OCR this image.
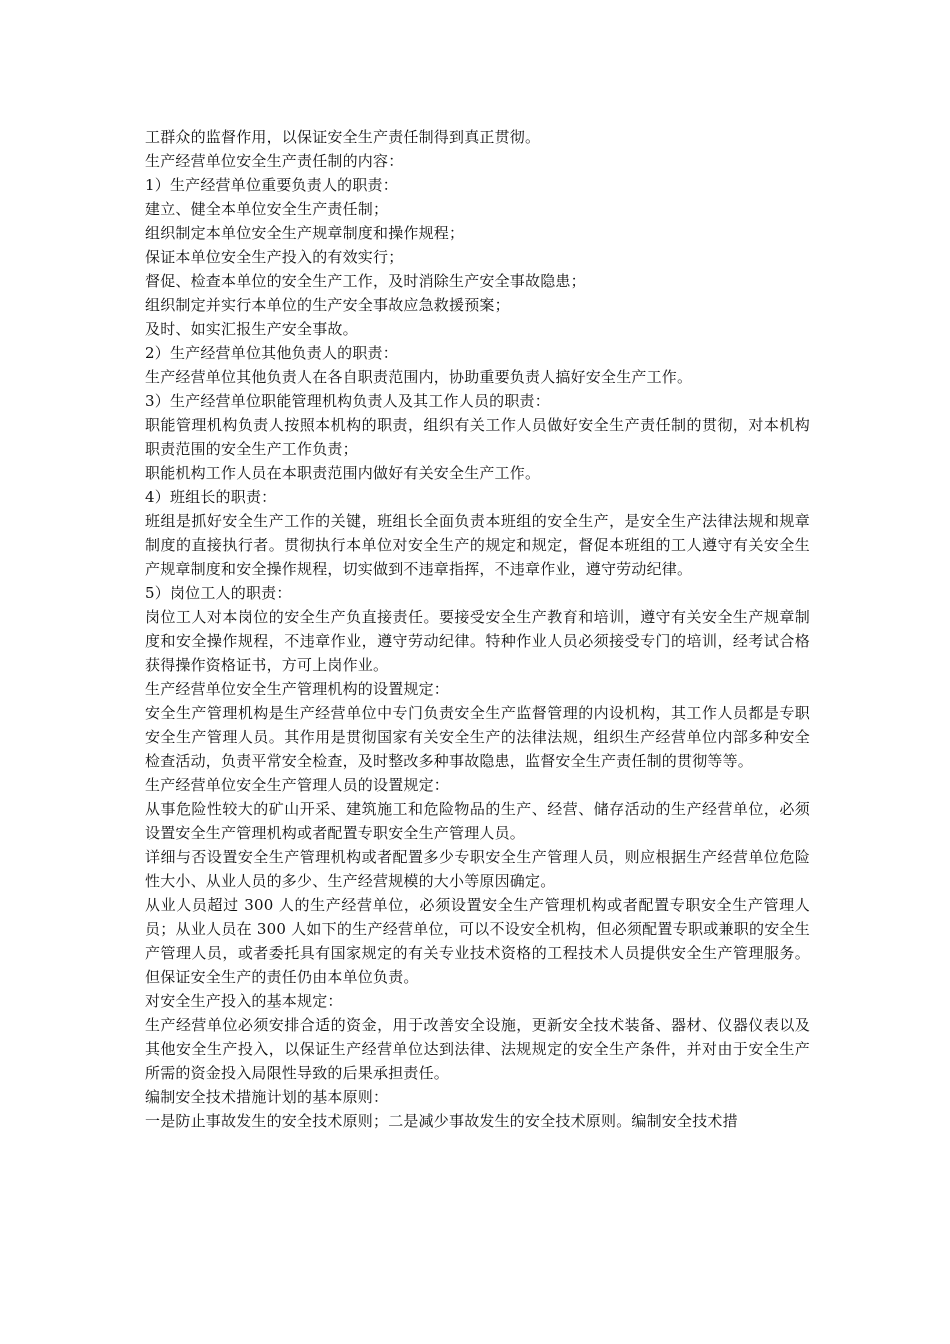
工群众的监督作用，以保证安全生产责任制得到真正贯彻。

生产经营单位安全生产责任制的内容：

1）生产经营单位重要负责人的职责：

建立、健全本单位安全生产责任制；

组织制定本单位安全生产规章制度和操作规程；

保证本单位安全生产投入的有效实行；

督促、检查本单位的安全生产工作，及时消除生产安全事故隐患；

组织制定并实行本单位的生产安全事故应急救援预案；

及时、如实汇报生产安全事故。

2）生产经营单位其他负责人的职责：

生产经营单位其他负责人在各自职责范围内，协助重要负责人搞好安全生产工作。

3）生产经营单位职能管理机构负责人及其工作人员的职责：

职能管理机构负责人按照本机构的职责，组织有关工作人员做好安全生产责任制的贯彻，对本机构职责范围的安全生产工作负责；

职能机构工作人员在本职责范围内做好有关安全生产工作。

4）班组长的职责：

班组是抓好安全生产工作的关键，班组长全面负责本班组的安全生产，是安全生产法律法规和规章制度的直接执行者。贯彻执行本单位对安全生产的规定和规定，督促本班组的工人遵守有关安全生产规章制度和安全操作规程，切实做到不违章指挥，不违章作业，遵守劳动纪律。

5）岗位工人的职责：

岗位工人对本岗位的安全生产负直接责任。要接受安全生产教育和培训，遵守有关安全生产规章制度和安全操作规程，不违章作业，遵守劳动纪律。特种作业人员必须接受专门的培训，经考试合格获得操作资格证书，方可上岗作业。

生产经营单位安全生产管理机构的设置规定：

安全生产管理机构是生产经营单位中专门负责安全生产监督管理的内设机构，其工作人员都是专职安全生产管理人员。其作用是贯彻国家有关安全生产的法律法规，组织生产经营单位内部多种安全检查活动，负责平常安全检查，及时整改多种事故隐患，监督安全生产责任制的贯彻等等。

生产经营单位安全生产管理人员的设置规定：

从事危险性较大的矿山开采、建筑施工和危险物品的生产、经营、储存活动的生产经营单位，必须设置安全生产管理机构或者配置专职安全生产管理人员。

详细与否设置安全生产管理机构或者配置多少专职安全生产管理人员，则应根据生产经营单位危险性大小、从业人员的多少、生产经营规模的大小等原因确定。

从业人员超过 300 人的生产经营单位，必须设置安全生产管理机构或者配置专职安全生产管理人员；从业人员在 300 人如下的生产经营单位，可以不设安全机构，但必须配置专职或兼职的安全生产管理人员，或者委托具有国家规定的有关专业技术资格的工程技术人员提供安全生产管理服务。但保证安全生产的责任仍由本单位负责。

对安全生产投入的基本规定：

生产经营单位必须安排合适的资金，用于改善安全设施，更新安全技术装备、器材、仪器仪表以及其他安全生产投入，以保证生产经营单位达到法律、法规规定的安全生产条件，并对由于安全生产所需的资金投入局限性导致的后果承担责任。

编制安全技术措施计划的基本原则：

一是防止事故发生的安全技术原则；二是减少事故发生的安全技术原则。编制安全技术措
